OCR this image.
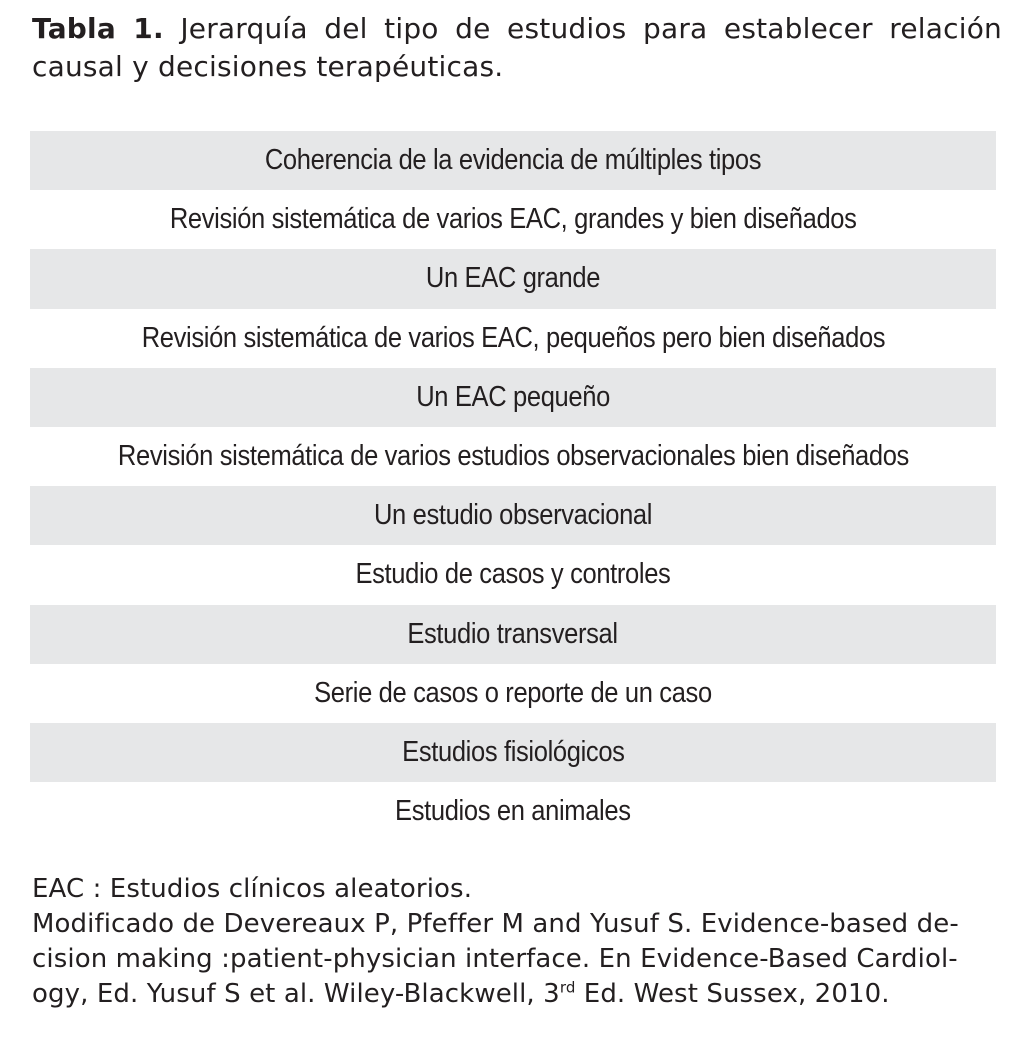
Tabla 1. Jerarquía del tipo de estudios para establecer relación causal y decisiones terapéuticas.
Coherencia de la evidencia de múltiples tipos
Revisión sistemática de varios EAC, grandes y bien diseñados
Un EAC grande
Revisión sistemática de varios EAC, pequeños pero bien diseñados
Un EAC pequeño
Revisión sistemática de varios estudios observacionales bien diseñados
Un estudio observacional
Estudio de casos y controles
Estudio transversal
Serie de casos o reporte de un caso
Estudios fisiológicos
Estudios en animales
EAC : Estudios clínicos aleatorios.
Modificado de Devereaux P, Pfeffer M and Yusuf S. Evidence-based de-
cision making :patient-physician interface. En Evidence-Based Cardiol-
ogy, Ed. Yusuf S et al. Wiley-Blackwell, 3rd Ed. West Sussex, 2010.
